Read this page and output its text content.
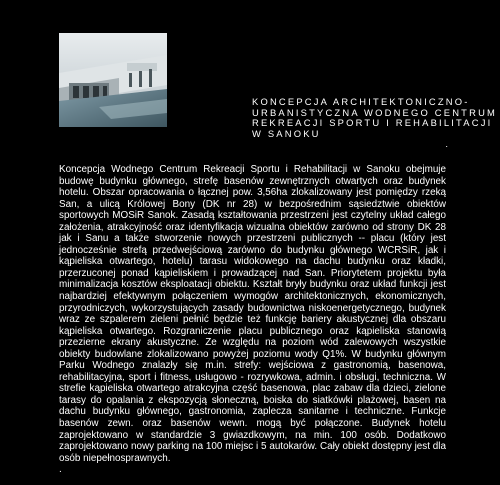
KONCEPCJA ARCHITEKTONICZNO-
URBANISTYCZNA WODNEGO CENTRUM
REKREACJI SPORTU I REHABILITACJI
W SANOKU
.
Koncepcja Wodnego Centrum Rekreacji Sportu i Rehabilitacji w Sanoku obejmuje budowę budynku głównego, strefę basenów zewnętrznych otwartych oraz budynek hotelu. Obszar opracowania o łącznej pow. 3,56ha zlokalizowany jest pomiędzy rzeką San, a ulicą Królowej Bony (DK nr 28) w bezpośrednim sąsiedztwie obiektów sportowych MOSiR Sanok. Zasadą kształtowania przestrzeni jest czytelny układ całego założenia, atrakcyjność oraz identyfikacja wizualna obiektów zarówno od strony DK 28 jak i Sanu a także stworzenie nowych przestrzeni publicznych -- placu (który jest jednocześnie strefą przedwejściową zarówno do budynku głównego WCRSiR, jak i kąpieliska otwartego, hotelu) tarasu widokowego na dachu budynku oraz kładki, przerzuconej ponad kąpieliskiem i prowadzącej nad San. Priorytetem projektu była minimalizacja kosztów eksploatacji obiektu. Kształt bryły budynku oraz układ funkcji jest najbardziej efektywnym połączeniem wymogów architektonicznych, ekonomicznych, przyrodniczych, wykorzystujących zasady budownictwa niskoenergetycznego, budynek wraz ze szpalerem zieleni pełnić będzie też funkcję bariery akustycznej dla obszaru kąpieliska otwartego. Rozgraniczenie placu publicznego oraz kąpieliska stanowią przezierne ekrany akustyczne. Ze względu na poziom wód zalewowych wszystkie obiekty budowlane zlokalizowano powyżej poziomu wody Q1%. W budynku głównym Parku Wodnego znalazły się m.in. strefy: wejściowa z gastronomią, basenowa, rehabilitacyjna, sport i fitness, usługowo - rozrywkowa, admin. i obsługi, techniczna. W strefie kąpieliska otwartego atrakcyjna część basenowa, plac zabaw dla dzieci, zielone tarasy do opalania z ekspozycją słoneczną, boiska do siatkówki plażowej, basen na dachu budynku głównego, gastronomia, zaplecza sanitarne i techniczne. Funkcje basenów zewn. oraz basenów wewn. mogą być połączone. Budynek hotelu zaprojektowano w standardzie 3 gwiazdkowym, na min. 100 osób. Dodatkowo zaprojektowano nowy parking na 100 miejsc i 5 autokarów. Cały obiekt dostępny jest dla osób niepełnosprawnych.
.
